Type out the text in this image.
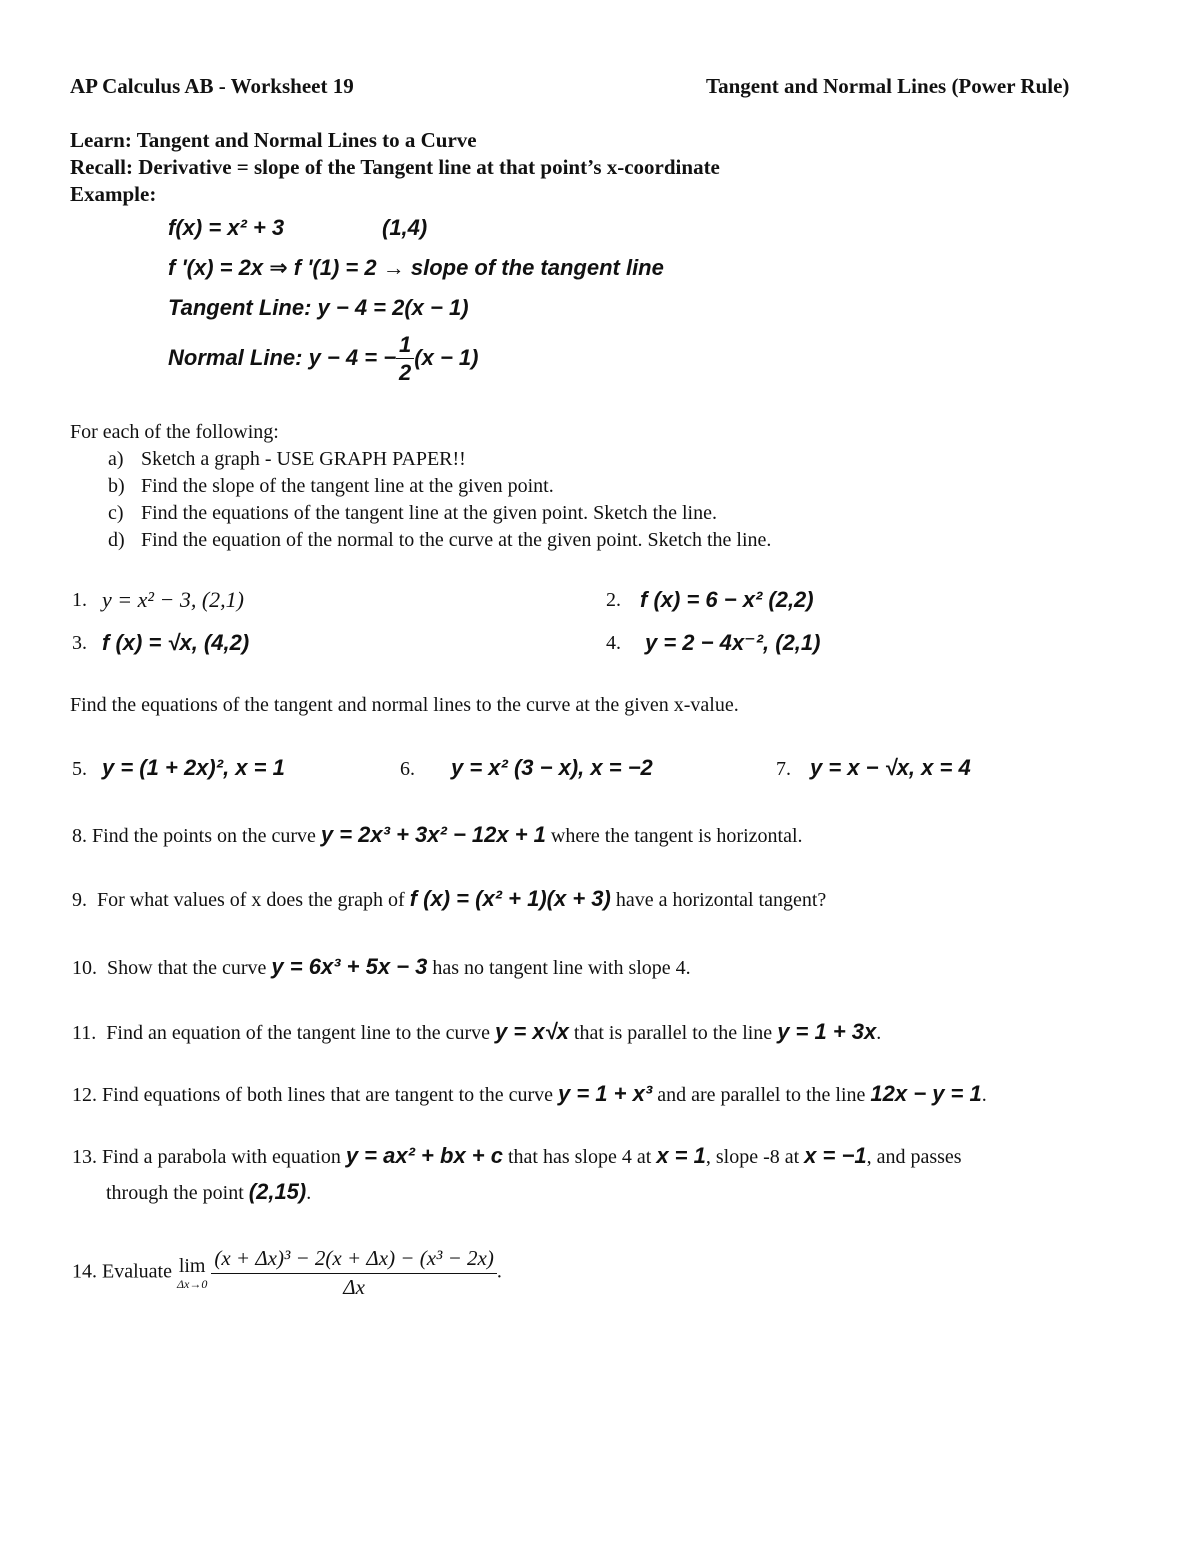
AP Calculus AB - Worksheet 19	Tangent and Normal Lines (Power Rule)
Learn: Tangent and Normal Lines to a Curve
Recall: Derivative = slope of the Tangent line at that point’s x-coordinate
Example:
f(x) = x² + 3	(1,4)
f '(x) = 2x ⇒ f '(1) = 2 → slope of the tangent line
Tangent Line: y − 4 = 2(x − 1)
Normal Line: y − 4 = − $\frac{1}{2} (x - 1)$
For each of the following:
a) Sketch a graph - USE GRAPH PAPER!!
b) Find the slope of the tangent line at the given point.
c) Find the equations of the tangent line at the given point. Sketch the line.
d) Find the equation of the normal to the curve at the given point. Sketch the line.
1. y = x² − 3, (2,1)	2. f (x) = 6 − x² (2,2)
3. f (x) = √x, (4,2)	4. y = 2 − 4x⁻², (2,1)
Find the equations of the tangent and normal lines to the curve at the given x-value.
5. y = (1 + 2x)², x = 1	6. y = x² (3 − x), x = −2	7. y = x − √x, x = 4
8. Find the points on the curve y = 2x³ + 3x² − 12x + 1 where the tangent is horizontal.
9. For what values of x does the graph of f (x) = (x² + 1)(x + 3) have a horizontal tangent?
10. Show that the curve y = 6x³ + 5x − 3 has no tangent line with slope 4.
11. Find an equation of the tangent line to the curve y = x√x that is parallel to the line y = 1 + 3x.
12. Find equations of both lines that are tangent to the curve y = 1 + x³ and are parallel to the line 12x − y = 1.
13. Find a parabola with equation y = ax² + bx + c that has slope 4 at x = 1, slope -8 at x = −1, and passes
through the point (2,15).
14. Evaluate lim
$\Delta x\to 0 \frac{\text{(x + Δx)³ − 2(x + Δx) − (x³ − 2x)}}{\Delta x}$ .
